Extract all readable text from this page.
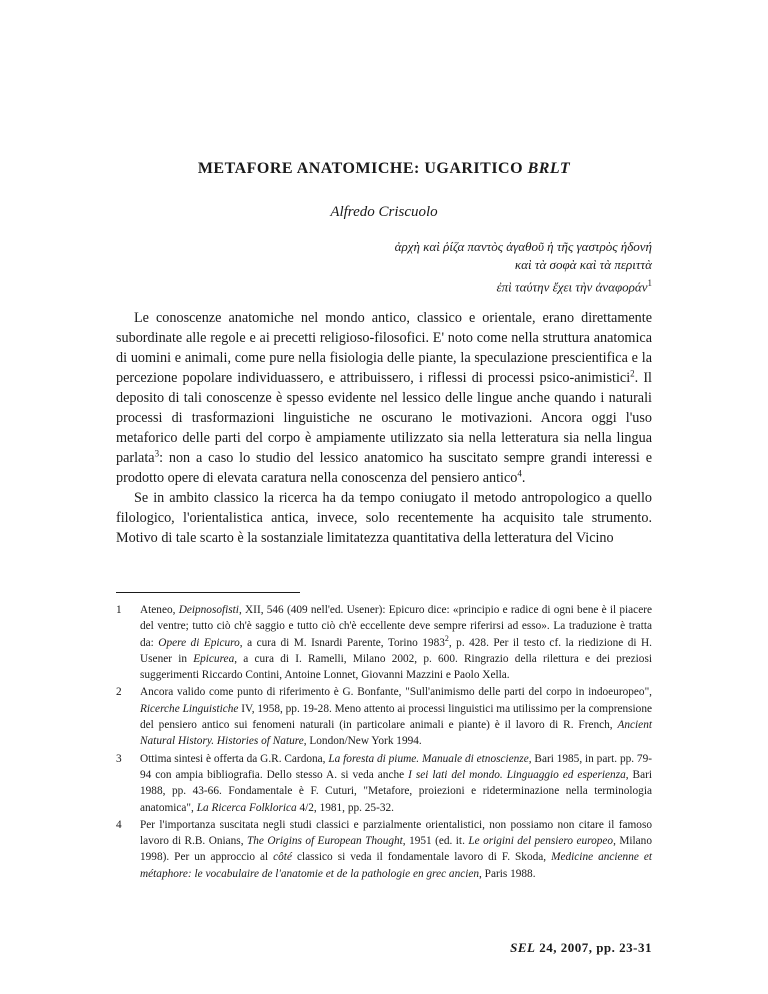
METAFORE ANATOMICHE: UGARITICO BRLT
Alfredo Criscuolo
ἀρχὴ καὶ ῥίζα παντὸς ἀγαθοῦ ἡ τῆς γαστρὸς ἡδονή
καὶ τὰ σοφὰ καὶ τὰ περιττὰ
ἐπὶ ταύτην ἔχει τὴν ἀναφοράν$^1$

Le conoscenze anatomiche nel mondo antico, classico e orientale, erano direttamente subordinate alle regole e ai precetti religioso-filosofici. E' noto come nella struttura anatomica di uomini e animali, come pure nella fisiologia delle piante, la speculazione prescientifica e la percezione popolare individuassero, e attribuissero, i riflessi di processi psico-animistici$^2$. Il deposito di tali conoscenze è spesso evidente nel lessico delle lingue anche quando i naturali processi di trasformazioni linguistiche ne oscurano le motivazioni. Ancora oggi l'uso metaforico delle parti del corpo è ampiamente utilizzato sia nella letteratura sia nella lingua parlata$^3$: non a caso lo studio del lessico anatomico ha suscitato sempre grandi interessi e prodotto opere di elevata caratura nella conoscenza del pensiero antico$^4$.

Se in ambito classico la ricerca ha da tempo coniugato il metodo antropologico a quello filologico, l'orientalistica antica, invece, solo recentemente ha acquisito tale strumento. Motivo di tale scarto è la sostanziale limitatezza quantitativa della letteratura del Vicino

1 Ateneo, Deipnosofisti, XII, 546 (409 nell'ed. Usener): Epicuro dice: «principio e radice di ogni bene è il piacere del ventre; tutto ciò ch'è saggio e tutto ciò ch'è eccellente deve sempre riferirsi ad esso». La traduzione è tratta da: Opere di Epicuro, a cura di M. Isnardi Parente, Torino 1983$^2$, p. 428. Per il testo cf. la riedizione di H. Usener in Epicurea, a cura di I. Ramelli, Milano 2002, p. 600. Ringrazio della rilettura e dei preziosi suggerimenti Riccardo Contini, Antoine Lonnet, Giovanni Mazzini e Paolo Xella.
2 Ancora valido come punto di riferimento è G. Bonfante, "Sull'animismo delle parti del corpo in indoeuropeo", Ricerche Linguistiche IV, 1958, pp. 19-28. Meno attento ai processi linguistici ma utilissimo per la comprensione del pensiero antico sui fenomeni naturali (in particolare animali e piante) è il lavoro di R. French, Ancient Natural History. Histories of Nature, London/New York 1994.
3 Ottima sintesi è offerta da G.R. Cardona, La foresta di piume. Manuale di etnoscienze, Bari 1985, in part. pp. 79-94 con ampia bibliografia. Dello stesso A. si veda anche I sei lati del mondo. Linguaggio ed esperienza, Bari 1988, pp. 43-66. Fondamentale è F. Cuturi, "Metafore, proiezioni e rideterminazione nella terminologia anatomica", La Ricerca Folklorica 4/2, 1981, pp. 25-32.
4 Per l'importanza suscitata negli studi classici e parzialmente orientalistici, non possiamo non citare il famoso lavoro di R.B. Onians, The Origins of European Thought, 1951 (ed. it. Le origini del pensiero europeo, Milano 1998). Per un approccio al côté classico si veda il fondamentale lavoro di F. Skoda, Medicine ancienne et métaphore: le vocabulaire de l'anatomie et de la pathologie en grec ancien, Paris 1988.
SEL 24, 2007, pp. 23-31
